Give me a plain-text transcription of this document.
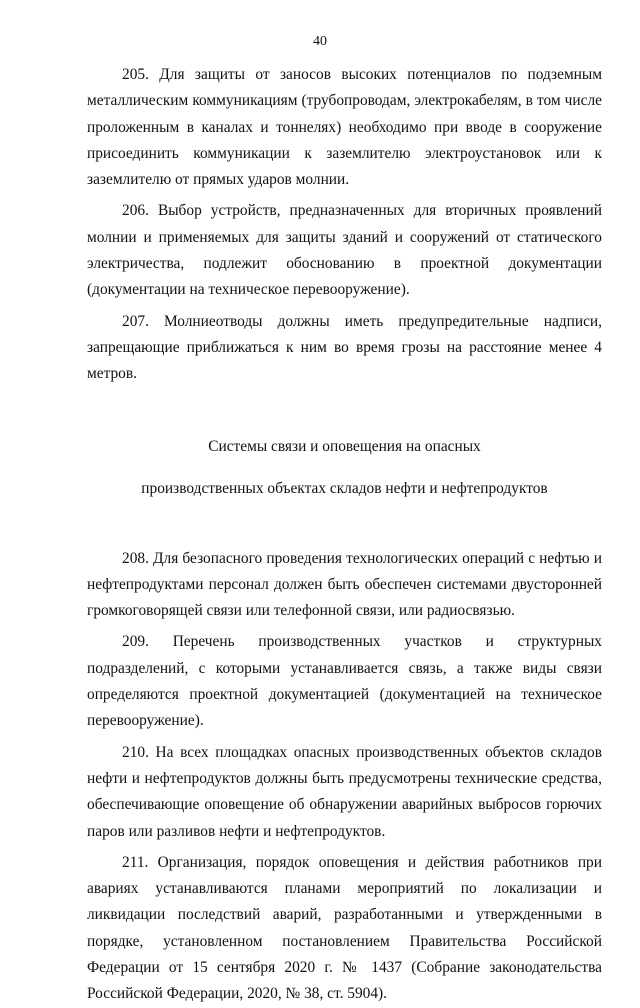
40

205. Для защиты от заносов высоких потенциалов по подземным металлическим коммуникациям (трубопроводам, электрокабелям, в том числе проложенным в каналах и тоннелях) необходимо при вводе в сооружение присоединить коммуникации к заземлителю электроустановок или к заземлителю от прямых ударов молнии.

206. Выбор устройств, предназначенных для вторичных проявлений молнии и применяемых для защиты зданий и сооружений от статического электричества, подлежит обоснованию в проектной документации (документации на техническое перевооружение).

207. Молниеотводы должны иметь предупредительные надписи, запрещающие приближаться к ним во время грозы на расстояние менее 4 метров.

Системы связи и оповещения на опасных

производственных объектах складов нефти и нефтепродуктов

208. Для безопасного проведения технологических операций с нефтью и нефтепродуктами персонал должен быть обеспечен системами двусторонней громкоговорящей связи или телефонной связи, или радиосвязью.

209. Перечень производственных участков и структурных подразделений, с которыми устанавливается связь, а также виды связи определяются проектной документацией (документацией на техническое перевооружение).

210. На всех площадках опасных производственных объектов складов нефти и нефтепродуктов должны быть предусмотрены технические средства, обеспечивающие оповещение об обнаружении аварийных выбросов горючих паров или разливов нефти и нефтепродуктов.

211. Организация, порядок оповещения и действия работников при авариях устанавливаются планами мероприятий по локализации и ликвидации последствий аварий, разработанными и утвержденными в порядке, установленном постановлением Правительства Российской Федерации от 15 сентября 2020 г. № 1437 (Собрание законодательства Российской Федерации, 2020, № 38, ст. 5904).
